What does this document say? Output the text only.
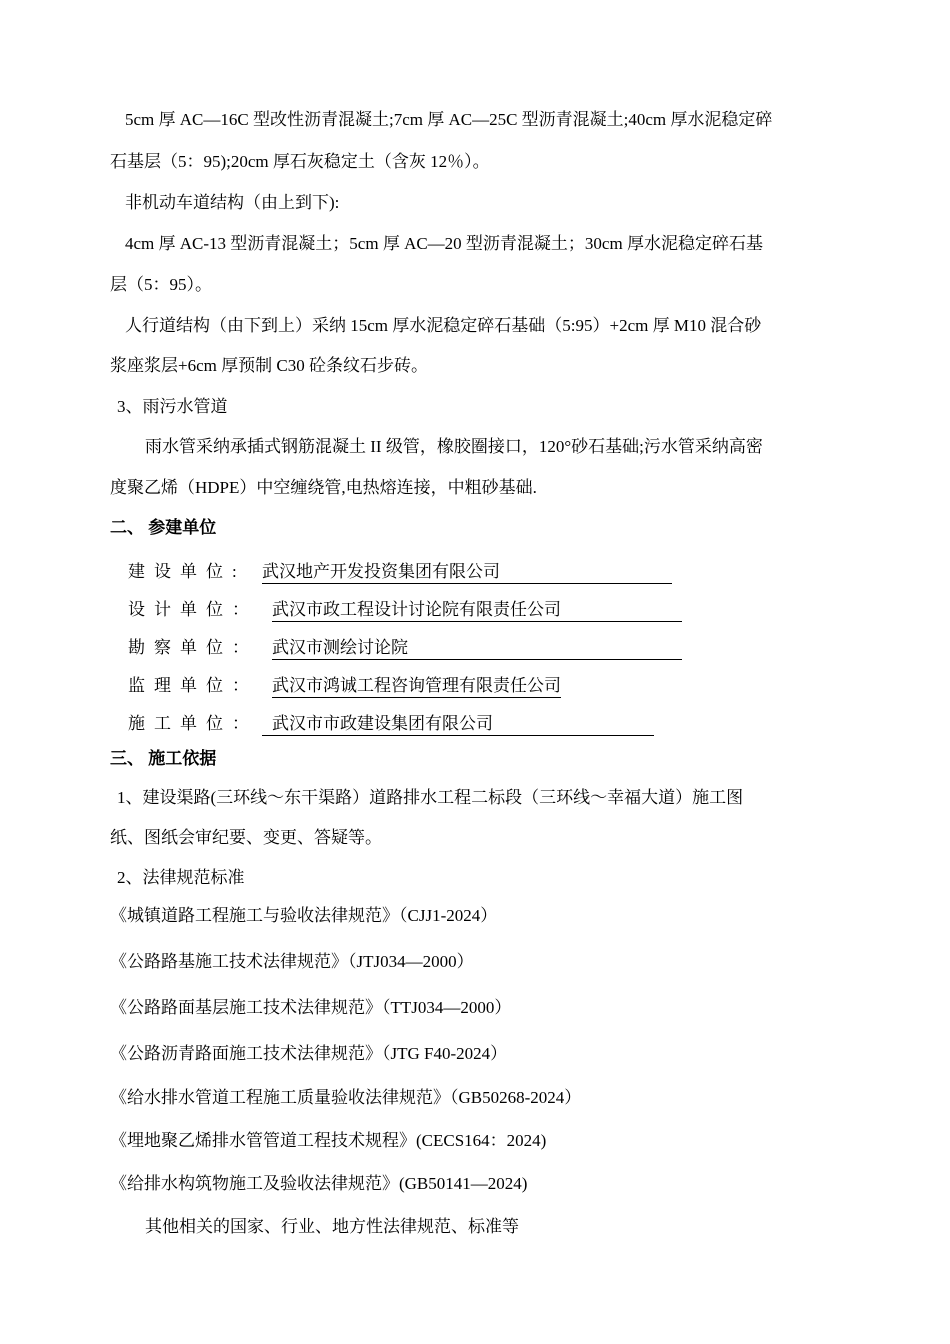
5cm 厚 AC—16C 型改性沥青混凝土;7cm 厚 AC—25C 型沥青混凝土;40cm 厚水泥稳定碎
石基层（5：95);20cm 厚石灰稳定土（含灰 12％）。
非机动车道结构（由上到下):
4cm 厚 AC-13 型沥青混凝土；5cm 厚 AC—20 型沥青混凝土；30cm 厚水泥稳定碎石基
层（5：95）。
人行道结构（由下到上）采纳 15cm 厚水泥稳定碎石基础（5:95）+2cm 厚 M10 混合砂
浆座浆层+6cm 厚预制 C30 砼条纹石步砖。
3、雨污水管道
雨水管采纳承插式钢筋混凝土 II 级管，橡胶圈接口，120°砂石基础;污水管采纳高密
度聚乙烯（HDPE）中空缠绕管,电热熔连接，中粗砂基础.
二、 参建单位
建设单位: 武汉地产开发投资集团有限公司
设计单位： 武汉市政工程设计讨论院有限责任公司
勘察单位： 武汉市测绘讨论院
监理单位： 武汉市鸿诚工程咨询管理有限责任公司
施工单位： 武汉市市政建设集团有限公司
三、 施工依据
1、建设渠路(三环线～东干渠路）道路排水工程二标段（三环线～幸福大道）施工图
纸、图纸会审纪要、变更、答疑等。
2、法律规范标准
《城镇道路工程施工与验收法律规范》（CJJ1-2024）
《公路路基施工技术法律规范》（JTJ034—2000）
《公路路面基层施工技术法律规范》（TTJ034—2000）
《公路沥青路面施工技术法律规范》（JTG F40-2024）
《给水排水管道工程施工质量验收法律规范》（GB50268-2024）
《埋地聚乙烯排水管管道工程技术规程》(CECS164：2024)
《给排水构筑物施工及验收法律规范》(GB50141—2024)
其他相关的国家、行业、地方性法律规范、标准等
